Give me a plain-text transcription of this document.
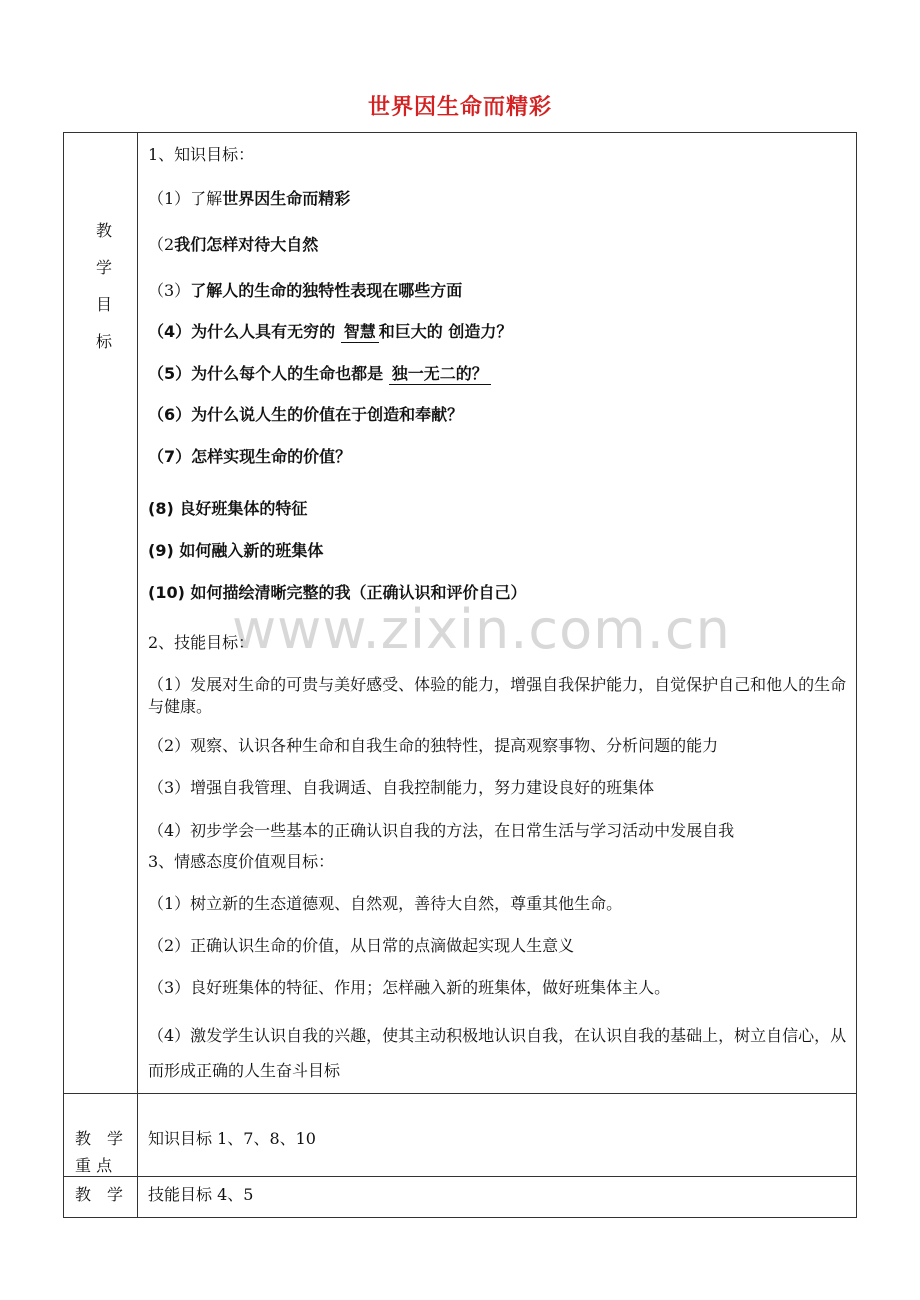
世界因生命而精彩
www.zixin.com.cn
教
学
目
标
1、知识目标：
（1）了解世界因生命而精彩
（2我们怎样对待大自然
（3）了解人的生命的独特性表现在哪些方面
（4）为什么人具有无穷的 智慧 和巨大的 创造力？
（5）为什么每个人的生命也都是 独一无二的？
（6）为什么说人生的价值在于创造和奉献？
（7）怎样实现生命的价值？
(8) 良好班集体的特征
(9) 如何融入新的班集体
(10) 如何描绘清晰完整的我（正确认识和评价自己）
2、技能目标：
（1）发展对生命的可贵与美好感受、体验的能力，增强自我保护能力，自觉保护自己和他人的生命与健康。
（2）观察、认识各种生命和自我生命的独特性，提高观察事物、分析问题的能力
（3）增强自我管理、自我调适、自我控制能力，努力建设良好的班集体
（4）初步学会一些基本的正确认识自我的方法，在日常生活与学习活动中发展自我
3、情感态度价值观目标：
（1）树立新的生态道德观、自然观，善待大自然，尊重其他生命。
（2）正确认识生命的价值，从日常的点滴做起实现人生意义
（3）良好班集体的特征、作用；怎样融入新的班集体，做好班集体主人。
（4）激发学生认识自我的兴趣，使其主动积极地认识自我，在认识自我的基础上，树立自信心，从而形成正确的人生奋斗目标
教　学
重 点
知识目标 1、7、8、10
教　学 技能目标 4、5
